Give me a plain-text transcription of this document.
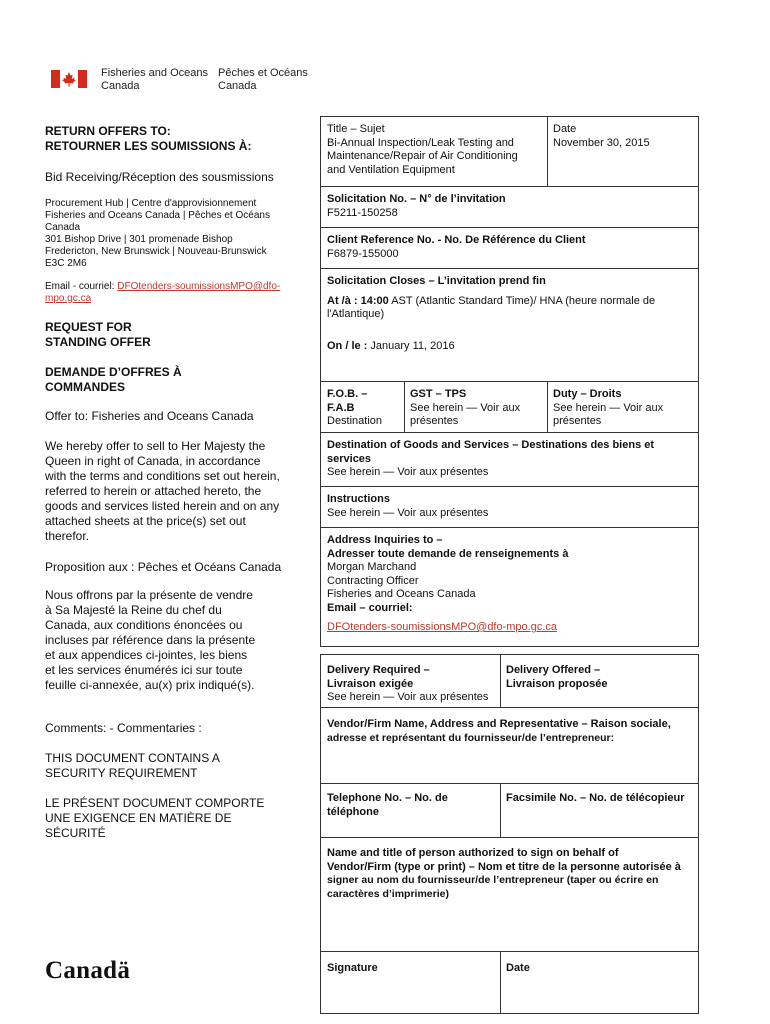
Fisheries and Oceans
Canada
Pêches et Océans
Canada
RETURN OFFERS TO:
RETOURNER LES SOUMISSIONS À:
Bid Receiving/Réception des sousmissions
Procurement Hub | Centre d'approvisionnement
Fisheries and Oceans Canada | Pêches et Océans
Canada
301 Bishop Drive | 301 promenade Bishop
Fredericton, New Brunswick | Nouveau-Brunswick
E3C 2M6
Email - courriel: DFOtenders-soumissionsMPO@dfo-
mpo.gc.ca
REQUEST FOR
STANDING OFFER
DEMANDE D’OFFRES À
COMMANDES
Offer to: Fisheries and Oceans Canada
We hereby offer to sell to Her Majesty the
Queen in right of Canada, in accordance
with the terms and conditions set out herein,
referred to herein or attached hereto, the
goods and services listed herein and on any
attached sheets at the price(s) set out
therefor.
Proposition aux : Pêches et Océans Canada
Nous offrons par la présente de vendre
à Sa Majesté la Reine du chef du
Canada, aux conditions énoncées ou
incluses par référence dans la présente
et aux appendices ci-jointes, les biens
et les services énumérés ici sur toute
feuille ci-annexée, au(x) prix indiqué(s).
Comments: - Commentaries :
THIS DOCUMENT CONTAINS A
SECURITY REQUIREMENT
LE PRÉSENT DOCUMENT COMPORTE
UNE EXIGENCE EN MATIÈRE DE
SÉCURITÉ
Canadä
Title – Sujet
Bi-Annual Inspection/Leak Testing and
Maintenance/Repair of Air Conditioning
and Ventilation Equipment
Date
November 30, 2015
Solicitation No. – N° de l’invitation
F5211-150258
Client Reference No. - No. De Référence du Client
F6879-155000
Solicitation Closes – L’invitation prend fin
At /à : 14:00 AST (Atlantic Standard Time)/ HNA (heure normale de
l'Atlantique)
On / le : January 11, 2016
F.O.B. –
F.A.B
Destination
GST – TPS
See herein — Voir aux
présentes
Duty – Droits
See herein — Voir aux
présentes
Destination of Goods and Services – Destinations des biens et
services
See herein — Voir aux présentes
Instructions
See herein — Voir aux présentes
Address Inquiries to –
Adresser toute demande de renseignements à
Morgan Marchand
Contracting Officer
Fisheries and Oceans Canada
Email – courriel:
DFOtenders-soumissionsMPO@dfo-mpo.gc.ca
Delivery Required –
Livraison exigée
See herein — Voir aux présentes
Delivery Offered –
Livraison proposée
Vendor/Firm Name, Address and Representative – Raison sociale,
adresse et représentant du fournisseur/de l’entrepreneur:
Telephone No. – No. de
téléphone
Facsimile No. – No. de télécopieur
Name and title of person authorized to sign on behalf of
Vendor/Firm (type or print) – Nom et titre de la personne autorisée à
signer au nom du fournisseur/de l’entrepreneur (taper ou écrire en
caractères d’imprimerie)
Signature	Date
